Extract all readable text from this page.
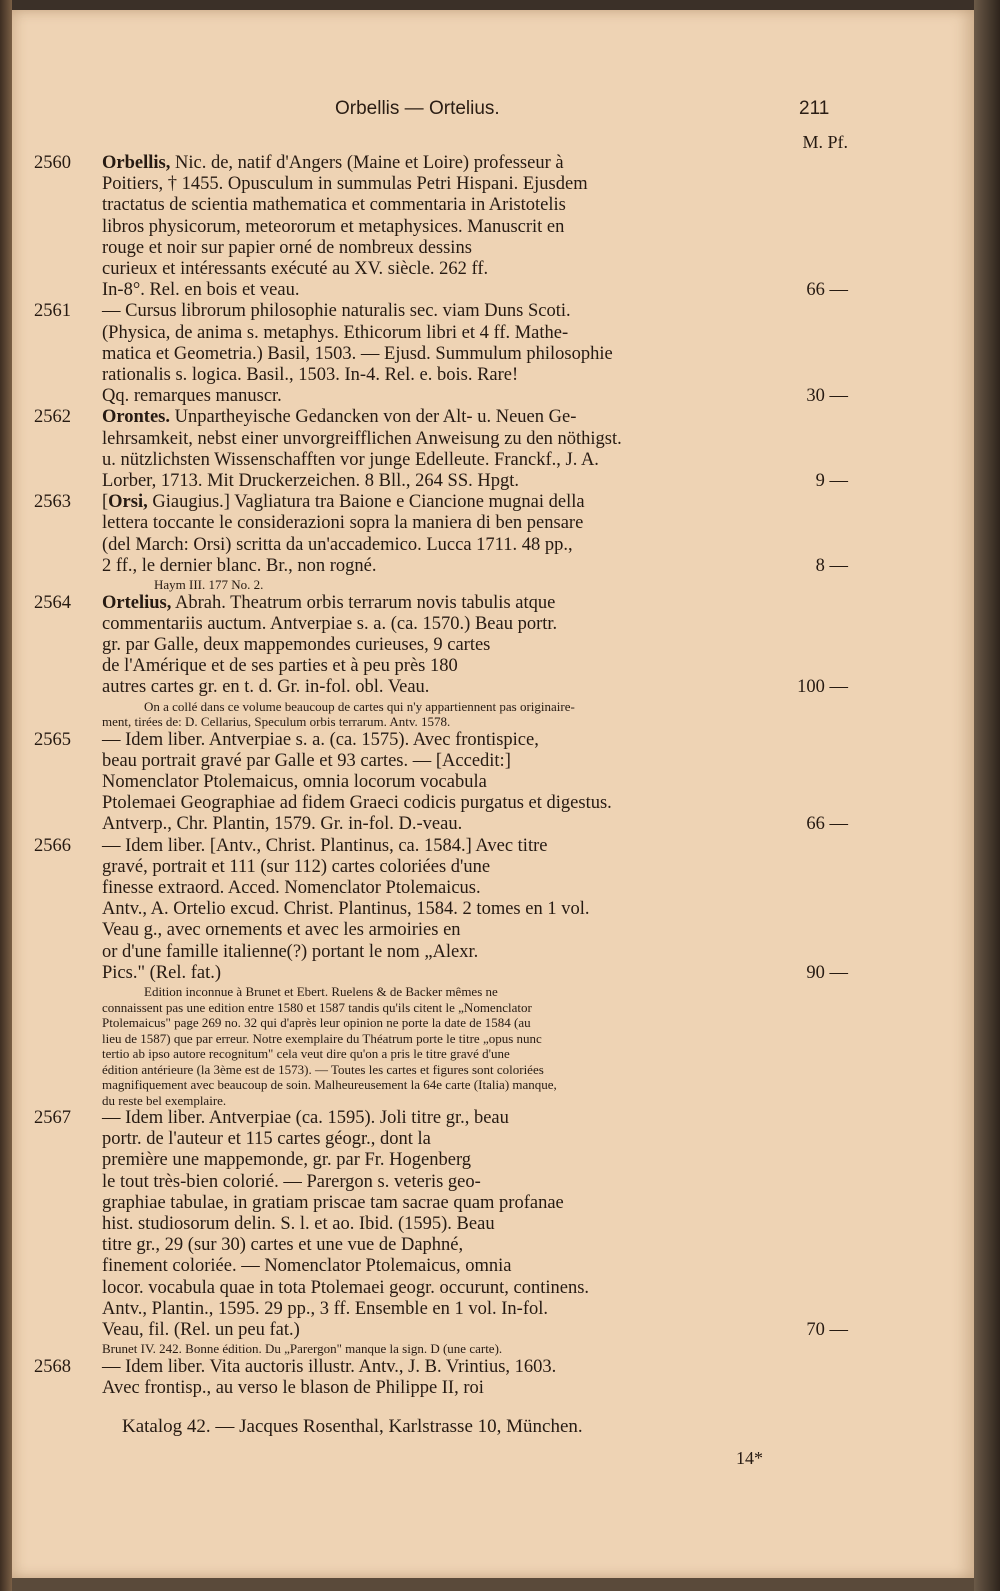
Orbellis — Ortelius.	211
M. Pf.
2560	Orbellis, Nic. de, natif d'Angers (Maine et Loire) professeur à
Poitiers, † 1455. Opusculum in summulas Petri Hispani. Ejusdem
tractatus de scientia mathematica et commentaria in Aristotelis
libros physicorum, meteororum et metaphysices. Manuscrit en
rouge et noir sur papier orné de nombreux dessins
curieux et intéressants exécuté au XV. siècle. 262 ff.
In-8°. Rel. en bois et veau.	66 —
2561	— Cursus librorum philosophie naturalis sec. viam Duns Scoti.
(Physica, de anima s. metaphys. Ethicorum libri et 4 ff. Mathe-
matica et Geometria.) Basil, 1503. — Ejusd. Summulum philosophie
rationalis s. logica. Basil., 1503. In-4. Rel. e. bois. Rare!
Qq. remarques manuscr.	30 —
2562	Orontes. Unpartheyische Gedancken von der Alt- u. Neuen Ge-
lehrsamkeit, nebst einer unvorgreifflichen Anweisung zu den nöthigst.
u. nützlichsten Wissenschafften vor junge Edelleute. Franckf., J. A.
Lorber, 1713. Mit Druckerzeichen. 8 Bll., 264 SS. Hpgt.	9 —
2563	[Orsi, Giaugius.] Vagliatura tra Baione e Ciancione mugnai della
lettera toccante le considerazioni sopra la maniera di ben pensare
(del March: Orsi) scritta da un'accademico. Lucca 1711. 48 pp.,
2 ff., le dernier blanc. Br., non rogné.	8 —
Haym III. 177 No. 2.
2564	Ortelius, Abrah. Theatrum orbis terrarum novis tabulis atque
commentariis auctum. Antverpiae s. a. (ca. 1570.) Beau portr.
gr. par Galle, deux mappemondes curieuses, 9 cartes
de l'Amérique et de ses parties et à peu près 180
autres cartes gr. en t. d. Gr. in-fol. obl. Veau.	100 —
On a collé dans ce volume beaucoup de cartes qui n'y appartiennent pas originaire-
ment, tirées de: D. Cellarius, Speculum orbis terrarum. Antv. 1578.
2565	— Idem liber. Antverpiae s. a. (ca. 1575). Avec frontispice,
beau portrait gravé par Galle et 93 cartes. — [Accedit:]
Nomenclator Ptolemaicus, omnia locorum vocabula
Ptolemaei Geographiae ad fidem Graeci codicis purgatus et digestus.
Antverp., Chr. Plantin, 1579. Gr. in-fol. D.-veau.	66 —
2566	— Idem liber. [Antv., Christ. Plantinus, ca. 1584.] Avec titre
gravé, portrait et 111 (sur 112) cartes coloriées d'une
finesse extraord. Acced. Nomenclator Ptolemaicus.
Antv., A. Ortelio excud. Christ. Plantinus, 1584. 2 tomes en 1 vol.
Veau g., avec ornements et avec les armoiries en
or d'une famille italienne(?) portant le nom „Alexr.
Pics." (Rel. fat.)	90 —
Edition inconnue à Brunet et Ebert. Ruelens & de Backer mêmes ne
connaissent pas une edition entre 1580 et 1587 tandis qu'ils citent le „Nomenclator
Ptolemaicus" page 269 no. 32 qui d'après leur opinion ne porte la date de 1584 (au
lieu de 1587) que par erreur. Notre exemplaire du Théatrum porte le titre „opus nunc
tertio ab ipso autore recognitum" cela veut dire qu'on a pris le titre gravé d'une
édition antérieure (la 3ème est de 1573). — Toutes les cartes et figures sont coloriées
magnifiquement avec beaucoup de soin. Malheureusement la 64e carte (Italia) manque,
du reste bel exemplaire.
2567	— Idem liber. Antverpiae (ca. 1595). Joli titre gr., beau
portr. de l'auteur et 115 cartes géogr., dont la
première une mappemonde, gr. par Fr. Hogenberg
le tout très-bien colorié. — Parergon s. veteris geo-
graphiae tabulae, in gratiam priscae tam sacrae quam profanae
hist. studiosorum delin. S. l. et ao. Ibid. (1595). Beau
titre gr., 29 (sur 30) cartes et une vue de Daphné,
finement coloriée. — Nomenclator Ptolemaicus, omnia
locor. vocabula quae in tota Ptolemaei geogr. occurunt, continens.
Antv., Plantin., 1595. 29 pp., 3 ff. Ensemble en 1 vol. In-fol.
Veau, fil. (Rel. un peu fat.)	70 —
Brunet IV. 242. Bonne édition. Du „Parergon" manque la sign. D (une carte).
2568	— Idem liber. Vita auctoris illustr. Antv., J. B. Vrintius, 1603.
Avec frontisp., au verso le blason de Philippe II, roi
Katalog 42. — Jacques Rosenthal, Karlstrasse 10, München.
14*
